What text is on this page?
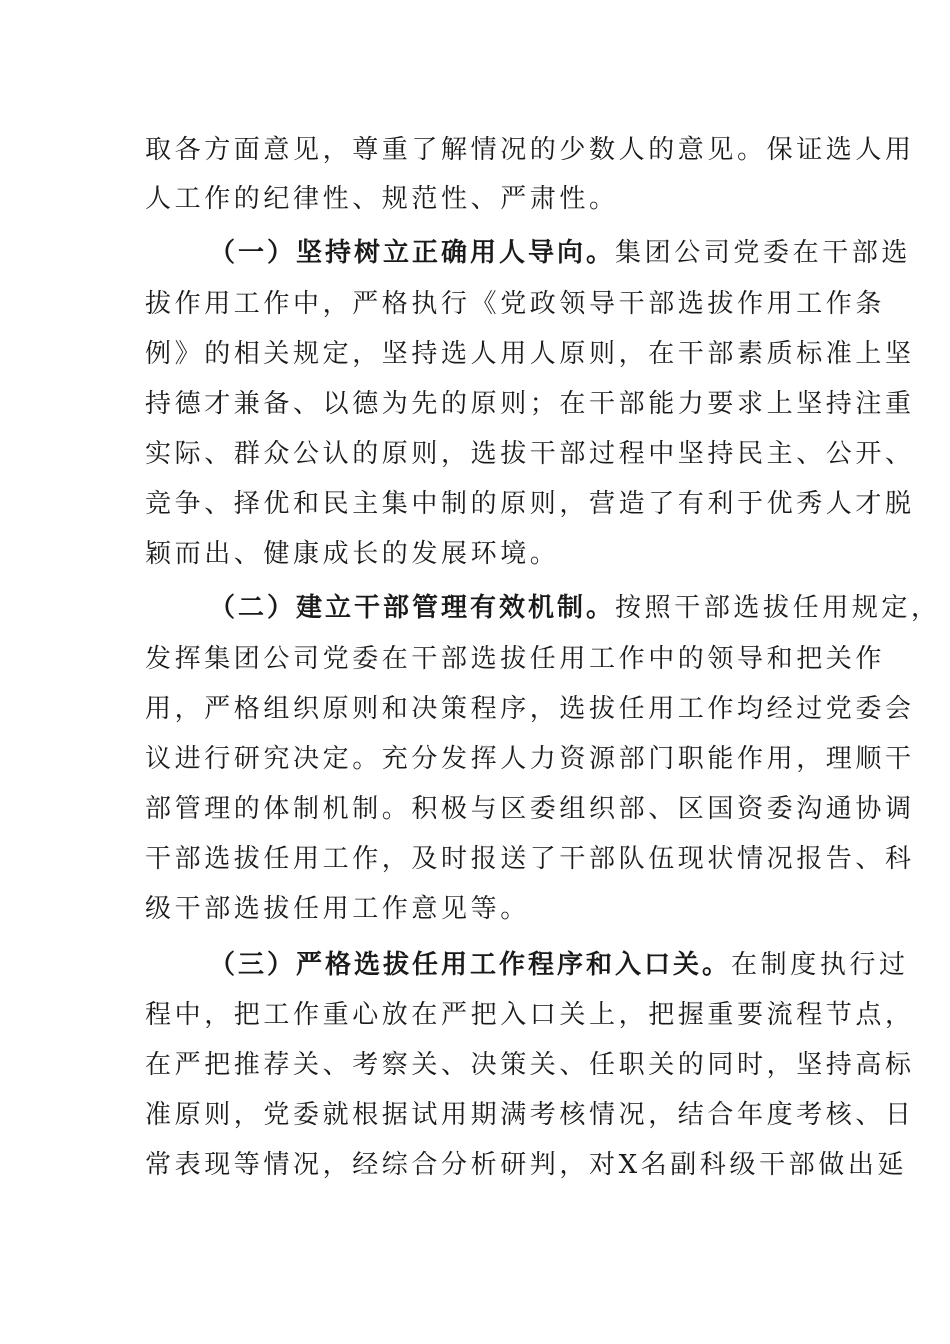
取各方面意见，尊重了解情况的少数人的意见。保证选人用
人工作的纪律性、规范性、严肃性。
（一）坚持树立正确用人导向。集团公司党委在干部选
拔作用工作中，严格执行《党政领导干部选拔作用工作条
例》的相关规定，坚持选人用人原则，在干部素质标准上坚
持德才兼备、以德为先的原则；在干部能力要求上坚持注重
实际、群众公认的原则，选拔干部过程中坚持民主、公开、
竞争、择优和民主集中制的原则，营造了有利于优秀人才脱
颖而出、健康成长的发展环境。
（二）建立干部管理有效机制。按照干部选拔任用规定，
发挥集团公司党委在干部选拔任用工作中的领导和把关作
用，严格组织原则和决策程序，选拔任用工作均经过党委会
议进行研究决定。充分发挥人力资源部门职能作用，理顺干
部管理的体制机制。积极与区委组织部、区国资委沟通协调
干部选拔任用工作，及时报送了干部队伍现状情况报告、科
级干部选拔任用工作意见等。
（三）严格选拔任用工作程序和入口关。在制度执行过
程中，把工作重心放在严把入口关上，把握重要流程节点，
在严把推荐关、考察关、决策关、任职关的同时，坚持高标
准原则，党委就根据试用期满考核情况，结合年度考核、日
常表现等情况，经综合分析研判，对X名副科级干部做出延
